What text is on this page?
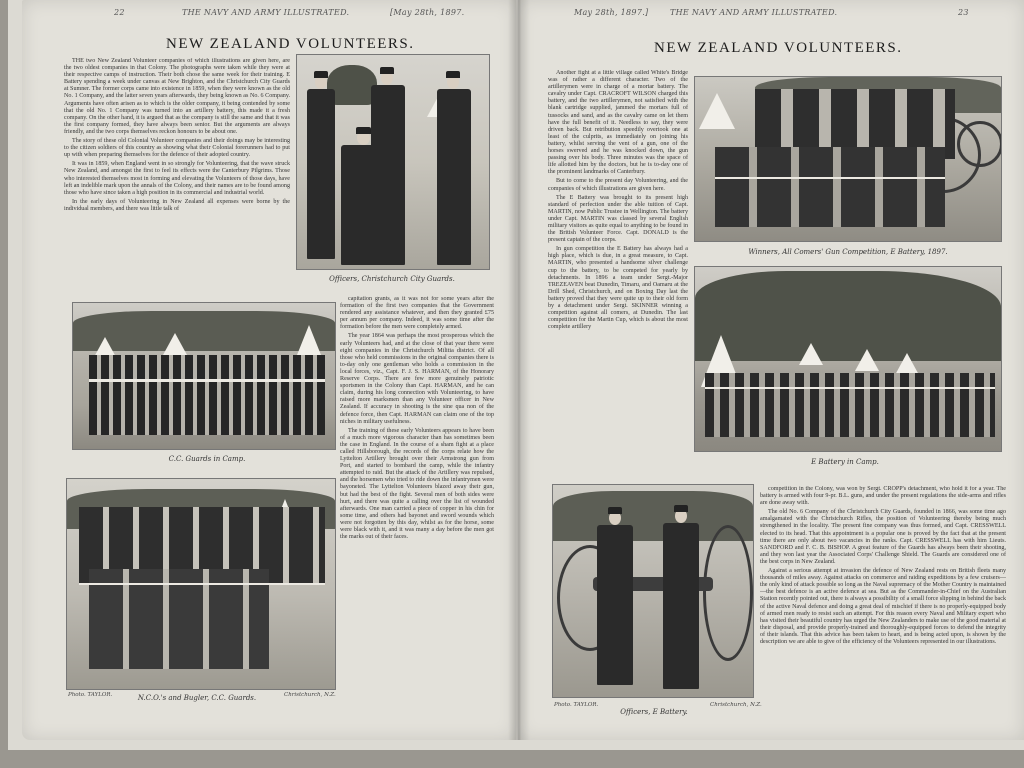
22	THE NAVY AND ARMY ILLUSTRATED.	[May 28th, 1897.
NEW ZEALAND VOLUNTEERS.

THE two New Zealand Volunteer companies of which illustrations are given here, are the two oldest companies in that Colony. The photographs were taken while they were at their respective camps of instruction. Their both chose the same week for their training. E Battery spending a week under canvas at New Brighton, and the Christchurch City Guards at Sumner. The former corps came into existence in 1859, when they were known as the old No. 1 Company, and the latter seven years afterwards, they being known as No. 6 Company. Arguments have often arisen as to which is the older company, it being contended by some that the old No. 1 Company was turned into an artillery battery, this made it a fresh company. On the other hand, it is argued that as the company is still the same and that it was the first company formed, they have always been senior. But the arguments are always friendly, and the two corps themselves reckon honours to be about one.

The story of these old Colonial Volunteer companies and their doings may be interesting to the citizen soldiers of this country as showing what their Colonial forerunners had to put up with when preparing themselves for the defence of their adopted country.

It was in 1859, when England went in so strongly for Volunteering, that the wave struck New Zealand, and amongst the first to feel its effects were the Canterbury Pilgrims. Those who interested themselves most in forming and elevating the Volunteers of those days, have left an indelible mark upon the annals of the Colony, and their names are to be found among those who have since taken a high position in its commercial and industrial world.

In the early days of Volunteering in New Zealand all expenses were borne by the individual members, and there was little talk of

Officers, Christchurch City Guards.
C.C. Guards in Camp.
Photo. TAYLOR.	N.C.O.'s and Bugler, C.C. Guards.	Christchurch, N.Z.

capitation grants, as it was not for some years after the formation of the first two companies that the Government rendered any assistance whatever, and then they granted £75 per annum per company. Indeed, it was some time after the formation before the men were completely armed.

The year 1864 was perhaps the most prosperous which the early Volunteers had, and at the close of that year there were eight companies in the Christchurch Militia district. Of all those who held commissions in the original companies there is to-day only one gentleman who holds a commission in the local forces, viz., Capt. F. J. S. HARMAN, of the Honorary Reserve Corps. There are few more genuinely patriotic sportsmen in the Colony than Capt. HARMAN, and he can claim, during his long connection with Volunteering, to have raised more marksmen than any Volunteer officer in New Zealand. If accuracy in shooting is the sine qua non of the defence force, then Capt. HARMAN can claim one of the top niches in military usefulness.

The training of these early Volunteers appears to have been of a much more vigorous character than has sometimes been the case in England. In the course of a sham fight at a place called Hillsborough, the records of the corps relate how the Lyttelton Artillery brought over their Armstrong gun from Port, and started to bombard the camp, while the infantry attempted to raid. But the attack of the Artillery was repulsed, and the horsemen who tried to ride down the infantrymen were bayoneted. The Lyttelton Volunteers blazed away their gun, but had the best of the fight. Several men of both sides were hurt, and there was quite a calling over the list of wounded afterwards. One man carried a piece of copper in his chin for some time, and others had bayonet and sword wounds which were not forgotten by this day, whilst as for the horse, some were black with it, and it was many a day before the men got the marks out of their faces.

May 28th, 1897.]	THE NAVY AND ARMY ILLUSTRATED.	23
NEW ZEALAND VOLUNTEERS.

Another fight at a little village called White's Bridge was of rather a different character. Two of the artillerymen were in charge of a mortar battery. The cavalry under Capt. CRACROFT WILSON charged this battery, and the two artillerymen, not satisfied with the blank cartridge supplied, jammed the mortars full of tussocks and sand, and as the cavalry came on let them have the full benefit of it. Needless to say, they were driven back. But retribution speedily overtook one at least of the culprits, as immediately on joining his battery, whilst serving the vent of a gun, one of the horses swerved and he was knocked down, the gun passing over his body. Three minutes was the space of life allotted him by the doctors, but he is to-day one of the prominent landmarks of Canterbury.

But to come to the present day Volunteering, and the companies of which illustrations are given here.

The E Battery was brought to its present high standard of perfection under the able tuition of Capt. MARTIN, now Public Trustee in Wellington. The battery under Capt. MARTIN was classed by several English military visitors as quite equal to anything to be found in the British Volunteer Force. Capt. DONALD is the present captain of the corps.

In gun competition the E Battery has always had a high place, which is due, in a great measure, to Capt. MARTIN, who presented a handsome silver challenge cup to the battery, to be competed for yearly by detachments. In 1896 a team under Sergt.-Major TREZEAVEN beat Dunedin, Timaru, and Oamaru at the Drill Shed, Christchurch, and on Boxing Day last the battery proved that they were quite up to their old form by a detachment under Sergt. SKINNER winning a competition against all comers, at Dunedin. The last competition for the Martin Cup, which is about the most complete artillery

Winners, All Comers' Gun Competition, E Battery, 1897.
E Battery in Camp.
Photo. TAYLOR.
Officers, E Battery.
Christchurch, N.Z.

competition in the Colony, was won by Sergt. CROPP's detachment, who hold it for a year. The battery is armed with four 9-pr. B.L. guns, and under the present regulations the side-arms and rifles are done away with.

The old No. 6 Company of the Christchurch City Guards, founded in 1866, was some time ago amalgamated with the Christchurch Rifles, the position of Volunteering thereby being much strengthened in the locality. The present fine company was thus formed, and Capt. CRESSWELL elected to its head. That this appointment is a popular one is proved by the fact that at the present time there are only about two vacancies in the ranks. Capt. CRESSWELL has with him Lieuts. SANDFORD and F. C. B. BISHOP. A great feature of the Guards has always been their shooting, and they won last year the Associated Corps' Challenge Shield. The Guards are considered one of the best corps in New Zealand.

Against a serious attempt at invasion the defence of New Zealand rests on British fleets many thousands of miles away. Against attacks on commerce and raiding expeditions by a few cruisers—the only kind of attack possible so long as the Naval supremacy of the Mother Country is maintained—the best defence is an active defence at sea. But as the Commander-in-Chief on the Australian Station recently pointed out, there is always a possibility of a small force slipping in behind the back of the active Naval defence and doing a great deal of mischief if there is no properly-equipped body of armed men ready to resist such an attempt. For this reason every Naval and Military expert who has visited their beautiful country has urged the New Zealanders to make use of the good material at their disposal, and provide properly-trained and thoroughly-equipped forces to defend the integrity of their islands. That this advice has been taken to heart, and is being acted upon, is shown by the description we are able to give of the efficiency of the Volunteers represented in our illustrations.
